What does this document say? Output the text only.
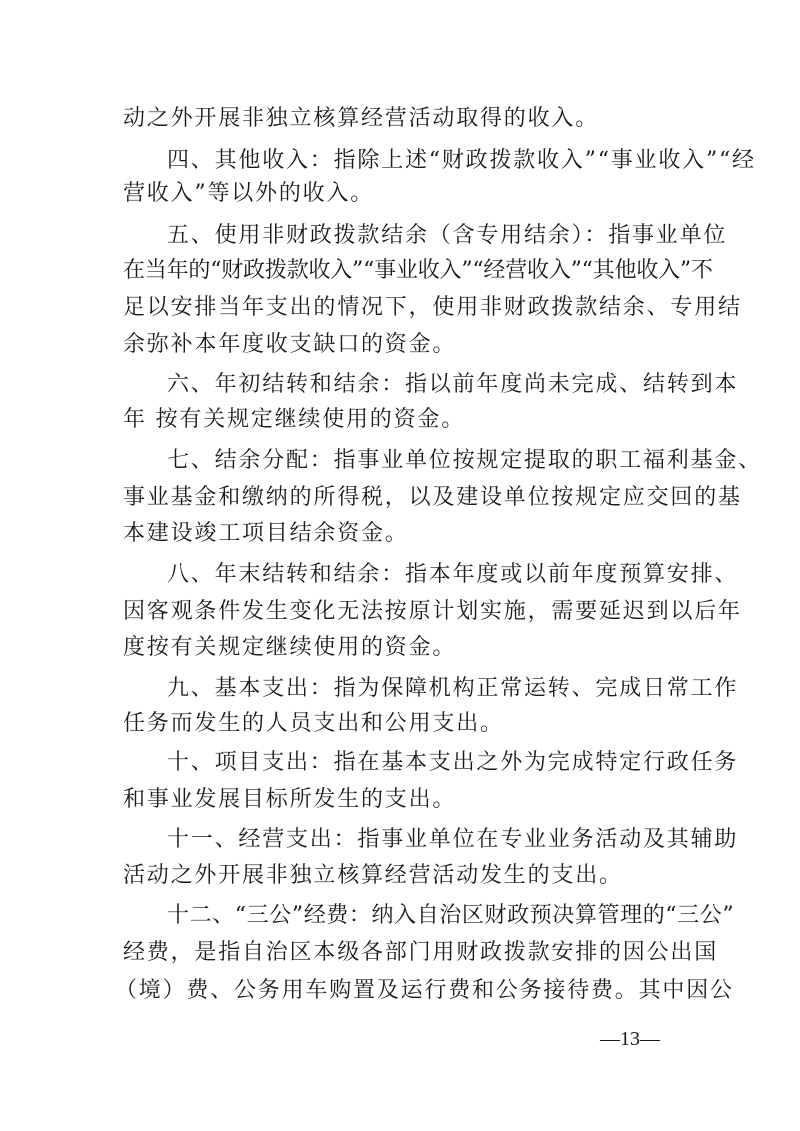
动之外开展非独立核算经营活动取得的收入。
四、其他收入：指除上述“财政拨款收入”“事业收入”“经
营收入”等以外的收入。
五、使用非财政拨款结余（含专用结余）：指事业单位
在当年的“财政拨款收入”“事业收入”“经营收入”“其他收入”不
足以安排当年支出的情况下，使用非财政拨款结余、专用结
余弥补本年度收支缺口的资金。
六、年初结转和结余：指以前年度尚未完成、结转到本
年 按有关规定继续使用的资金。
七、结余分配：指事业单位按规定提取的职工福利基金、
事业基金和缴纳的所得税，以及建设单位按规定应交回的基
本建设竣工项目结余资金。
八、年末结转和结余：指本年度或以前年度预算安排、
因客观条件发生变化无法按原计划实施，需要延迟到以后年
度按有关规定继续使用的资金。
九、基本支出：指为保障机构正常运转、完成日常工作
任务而发生的人员支出和公用支出。
十、项目支出：指在基本支出之外为完成特定行政任务
和事业发展目标所发生的支出。
十一、经营支出：指事业单位在专业业务活动及其辅助
活动之外开展非独立核算经营活动发生的支出。
十二、“三公”经费：纳入自治区财政预决算管理的“三公”
经费，是指自治区本级各部门用财政拨款安排的因公出国
（境）费、公务用车购置及运行费和公务接待费。其中因公
—13—
